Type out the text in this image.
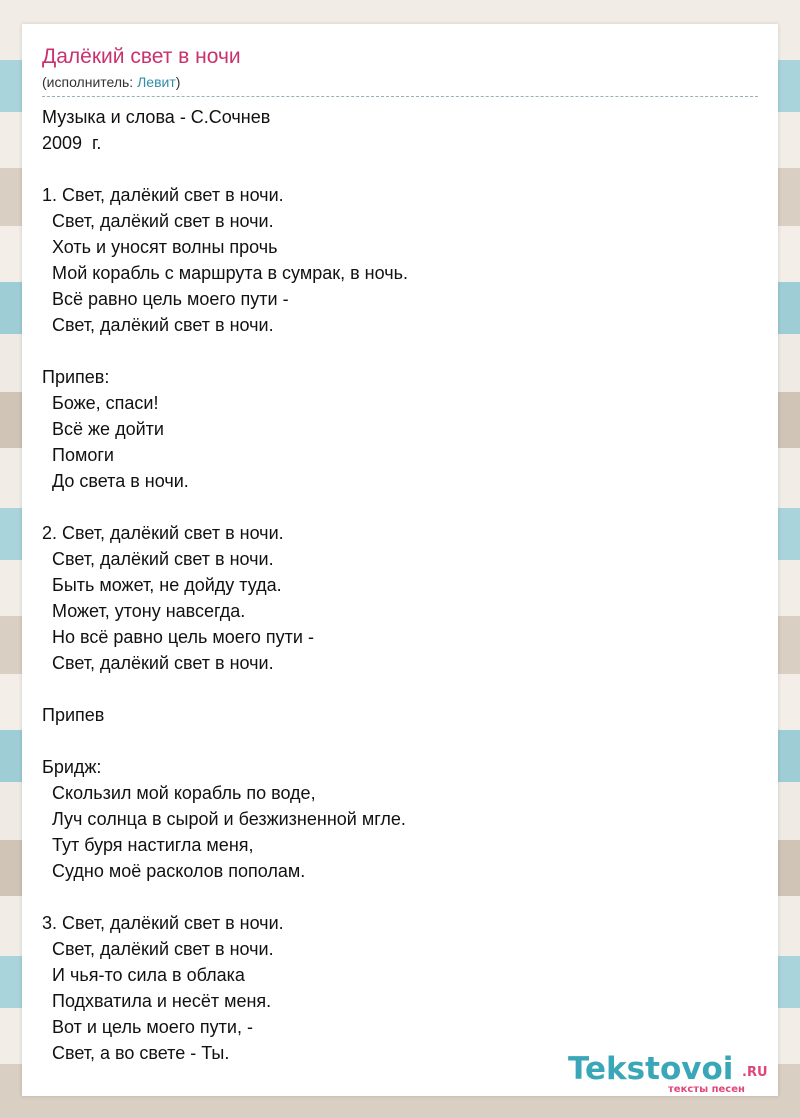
Далёкий свет в ночи
(исполнитель: Левит)
Музыка и слова - С.Сочнев
2009  г.

1. Свет, далёкий свет в ночи.
Свет, далёкий свет в ночи.
Хоть и уносят волны прочь
Мой корабль с маршрута в сумрак, в ночь.
Всё равно цель моего пути -
Свет, далёкий свет в ночи.

Припев:
Боже, спаси!
Всё же дойти
Помоги
До света в ночи.

2. Свет, далёкий свет в ночи.
Свет, далёкий свет в ночи.
Быть может, не дойду туда.
Может, утону навсегда.
Но всё равно цель моего пути -
Свет, далёкий свет в ночи.

Припев

Бридж:
Скользил мой корабль по воде,
Луч солнца в сырой и безжизненной мгле.
Тут буря настигла меня,
Судно моё расколов пополам.

3. Свет, далёкий свет в ночи.
Свет, далёкий свет в ночи.
И чья-то сила в облака
Подхватила и несёт меня.
Вот и цель моего пути, -
Свет, а во свете - Ты.	Tekstovoi .RU
тексты песен
